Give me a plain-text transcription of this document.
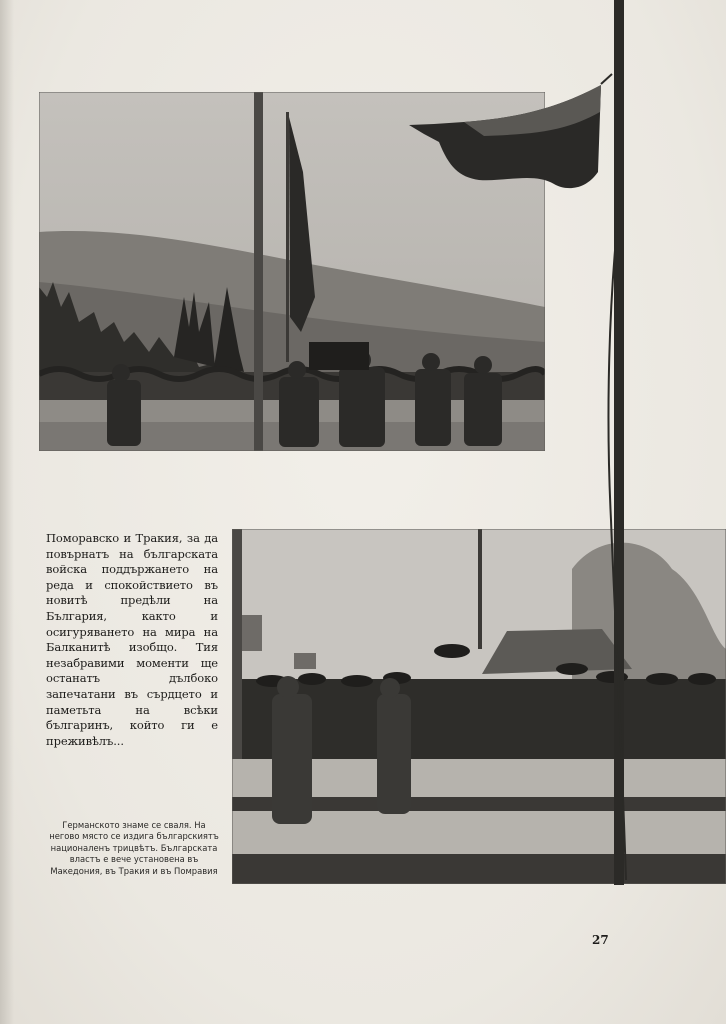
Поморавско и Тракия, за да повърнатъ на българската войска поддържането на реда и спокойствието въ новитѣ предѣли на България, както и осигуряването на мира на Балканитѣ изобщо. Тия незабравими моменти ще останатъ дълбоко запечатани въ сърдцето и паметьта на всѣки българинъ, който ги е преживѣлъ...
Германското знаме се сваля. На негово място се издига българскиятъ националенъ трицвѣтъ. Българската властъ е вече установена въ Македония, въ Тракия и въ Помравия
27
